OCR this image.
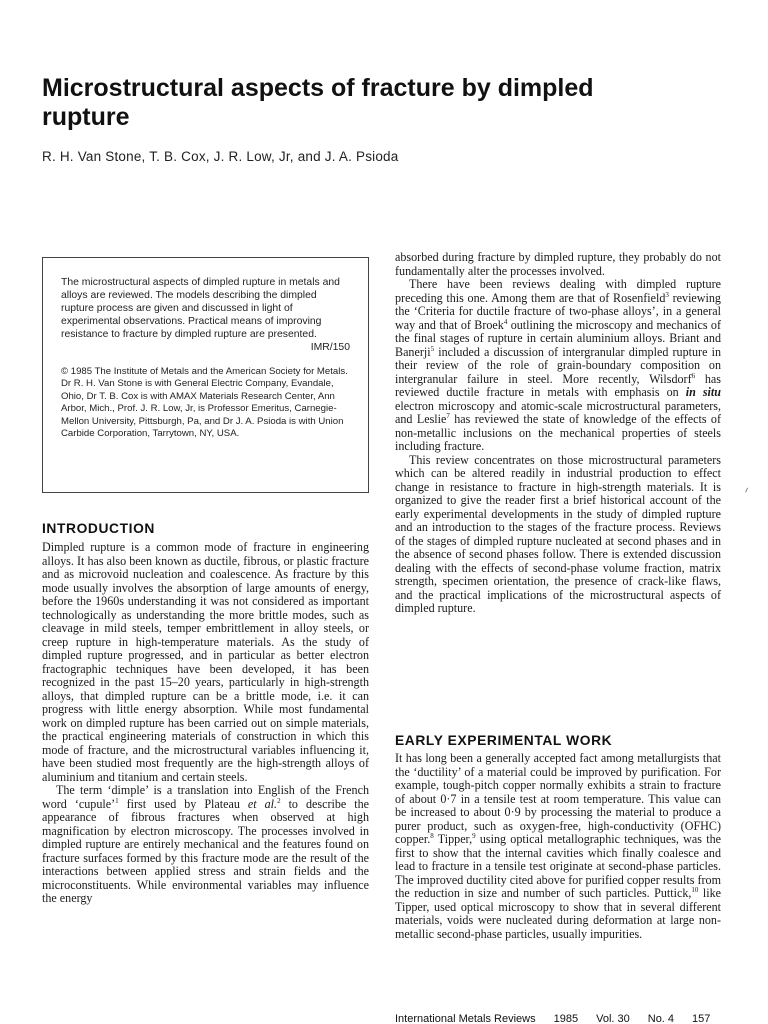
Microstructural aspects of fracture by dimpled rupture
R. H. Van Stone, T. B. Cox, J. R. Low, Jr, and J. A. Psioda

The microstructural aspects of dimpled rupture in metals and alloys are reviewed. The models describing the dimpled rupture process are given and discussed in light of experimental observations. Practical means of improving resistance to fracture by dimpled rupture are presented.
IMR/150

© 1985 The Institute of Metals and the American Society for Metals. Dr R. H. Van Stone is with General Electric Company, Evandale, Ohio, Dr T. B. Cox is with AMAX Materials Research Center, Ann Arbor, Mich., Prof. J. R. Low, Jr, is Professor Emeritus, Carnegie-Mellon University, Pittsburgh, Pa, and Dr J. A. Psioda is with Union Carbide Corporation, Tarrytown, NY, USA.

INTRODUCTION

Dimpled rupture is a common mode of fracture in engineering alloys. It has also been known as ductile, fibrous, or plastic fracture and as microvoid nucleation and coalescence. As fracture by this mode usually involves the absorption of large amounts of energy, before the 1960s understanding it was not considered as important technologically as understanding the more brittle modes, such as cleavage in mild steels, temper embrittlement in alloy steels, or creep rupture in high-temperature materials. As the study of dimpled rupture progressed, and in particular as better electron fractographic techniques have been developed, it has been recognized in the past 15–20 years, particularly in high-strength alloys, that dimpled rupture can be a brittle mode, i.e. it can progress with little energy absorption. While most fundamental work on dimpled rupture has been carried out on simple materials, the practical engineering materials of construction in which this mode of fracture, and the microstructural variables influencing it, have been studied most frequently are the high-strength alloys of aluminium and titanium and certain steels.

The term ‘dimple’ is a translation into English of the French word ‘cupule’$^1$ first used by Plateau et al.$^2$ to describe the appearance of fibrous fractures when observed at high magnification by electron microscopy. The processes involved in dimpled rupture are entirely mechanical and the features found on fracture surfaces formed by this fracture mode are the result of the interactions between applied stress and strain fields and the microconstituents. While environmental variables may influence the energy

absorbed during fracture by dimpled rupture, they probably do not fundamentally alter the processes involved.

There have been reviews dealing with dimpled rupture preceding this one. Among them are that of Rosenfield$^3$ reviewing the ‘Criteria for ductile fracture of two-phase alloys’, in a general way and that of Broek$^4$ outlining the microscopy and mechanics of the final stages of rupture in certain aluminium alloys. Briant and Banerji$^5$ included a discussion of intergranular dimpled rupture in their review of the role of grain-boundary composition on intergranular failure in steel. More recently, Wilsdorf$^6$ has reviewed ductile fracture in metals with emphasis on in situ electron microscopy and atomic-scale microstructural parameters, and Leslie$^7$ has reviewed the state of knowledge of the effects of non-metallic inclusions on the mechanical properties of steels including fracture.

This review concentrates on those microstructural parameters which can be altered readily in industrial production to effect change in resistance to fracture in high-strength materials. It is organized to give the reader first a brief historical account of the early experimental developments in the study of dimpled rupture and an introduction to the stages of the fracture process. Reviews of the stages of dimpled rupture nucleated at second phases and in the absence of second phases follow. There is extended discussion dealing with the effects of second-phase volume fraction, matrix strength, specimen orientation, the presence of crack-like flaws, and the practical implications of the microstructural aspects of dimpled rupture.

EARLY EXPERIMENTAL WORK

It has long been a generally accepted fact among metallurgists that the ‘ductility’ of a material could be improved by purification. For example, tough-pitch copper normally exhibits a strain to fracture of about 0·7 in a tensile test at room temperature. This value can be increased to about 0·9 by processing the material to produce a purer product, such as oxygen-free, high-conductivity (OFHC) copper.$^8$ Tipper,$^9$ using optical metallographic techniques, was the first to show that the internal cavities which finally coalesce and lead to fracture in a tensile test originate at second-phase particles. The improved ductility cited above for purified copper results from the reduction in size and number of such particles. Puttick,$^{10}$ like Tipper, used optical microscopy to show that in several different materials, voids were nucleated during deformation at large non-metallic second-phase particles, usually impurities.

International Metals Reviews 1985 Vol. 30 No. 4 157
